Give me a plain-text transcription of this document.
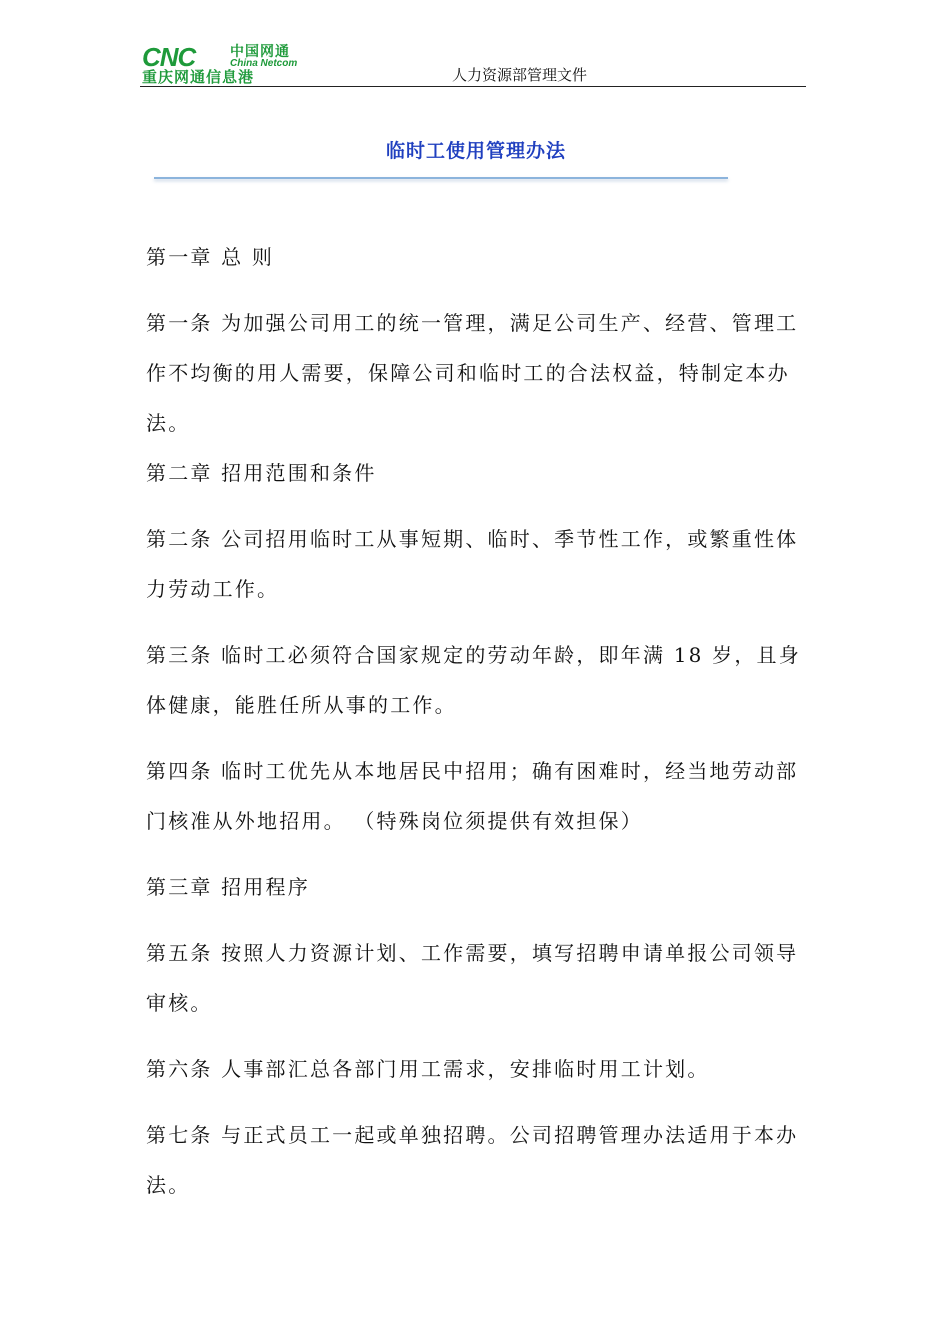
CNC 中国网通
China Netcom
重庆网通信息港	人力资源部管理文件
临时工使用管理办法

第一章 总 则

第一条 为加强公司用工的统一管理，满足公司生产、经营、管理工作不均衡的用人需要，保障公司和临时工的合法权益，特制定本办法。

第二章 招用范围和条件

第二条 公司招用临时工从事短期、临时、季节性工作，或繁重性体力劳动工作。

第三条 临时工必须符合国家规定的劳动年龄，即年满 18 岁，且身体健康，能胜任所从事的工作。

第四条 临时工优先从本地居民中招用；确有困难时，经当地劳动部门核准从外地招用。 （特殊岗位须提供有效担保）

第三章 招用程序

第五条 按照人力资源计划、工作需要，填写招聘申请单报公司领导审核。

第六条 人事部汇总各部门用工需求，安排临时用工计划。

第七条 与正式员工一起或单独招聘。公司招聘管理办法适用于本办法。
